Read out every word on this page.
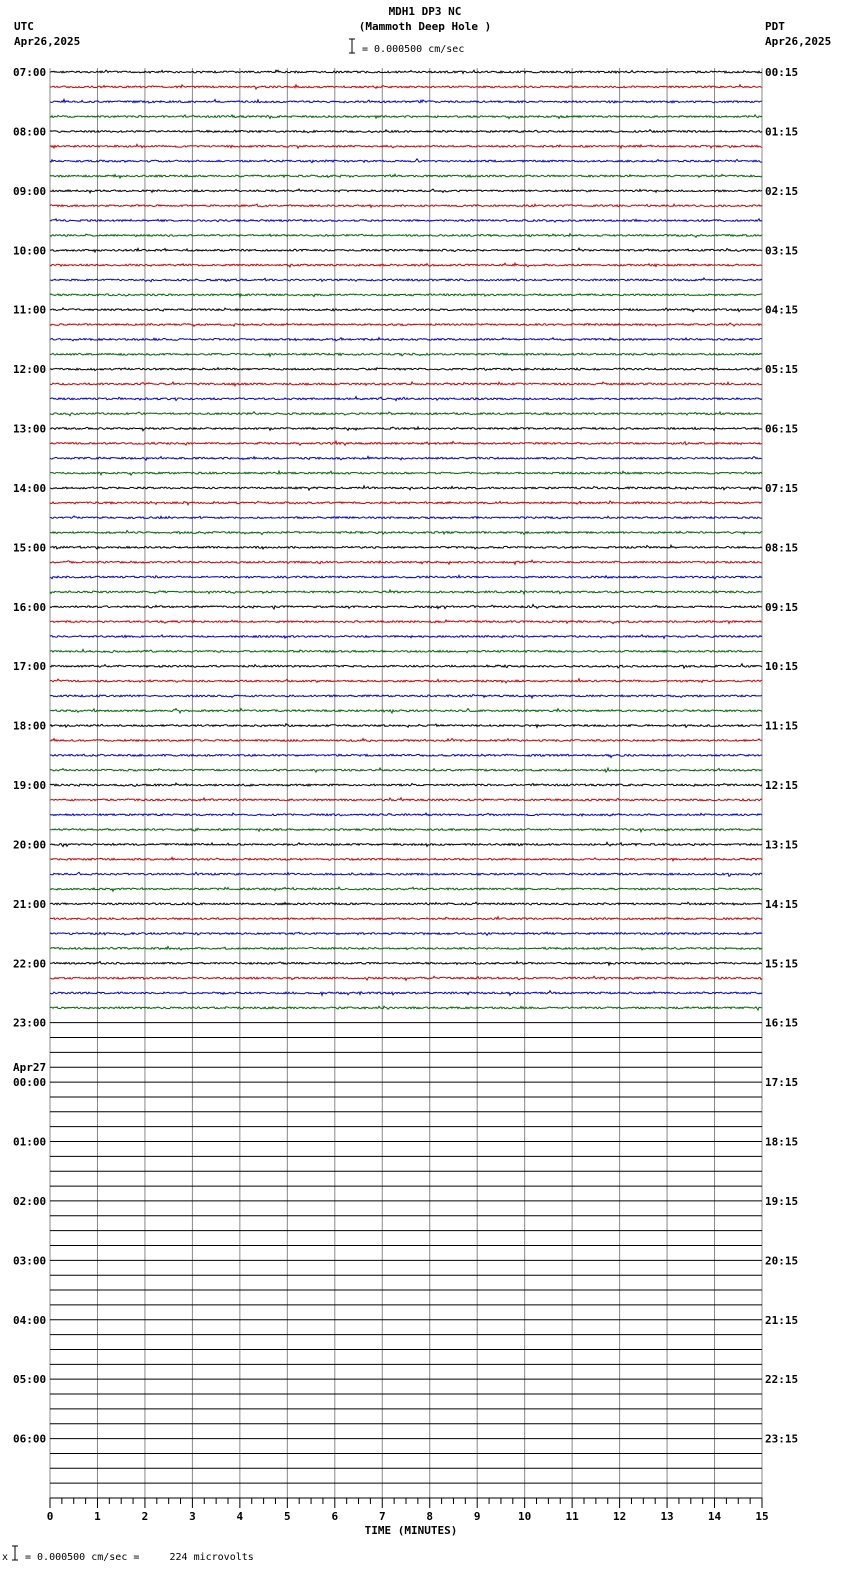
UTC
Apr26,2025
MDH1 DP3 NC
(Mammoth Deep Hole )	PDT
Apr26,2025
= 0.000500 cm/sec
07:00
08:00
09:00
10:00
11:00
12:00
13:00
14:00
15:00
16:00
17:00
18:00
19:00
20:00
21:00
22:00
23:00
00:00
01:00
02:00
03:00
04:00
05:00
06:00
00:15
01:15
02:15
03:15
04:15
05:15
06:15
07:15
08:15
09:15
10:15
11:15
12:15
13:15
14:15
15:15
16:15
17:15
18:15
19:15
20:15
21:15
22:15
23:15
Apr27
0	1	2	3	4	5	6	7	8	9	10	11	12	13	14	15
TIME (MINUTES)
x = 0.000500 cm/sec =     224 microvolts
